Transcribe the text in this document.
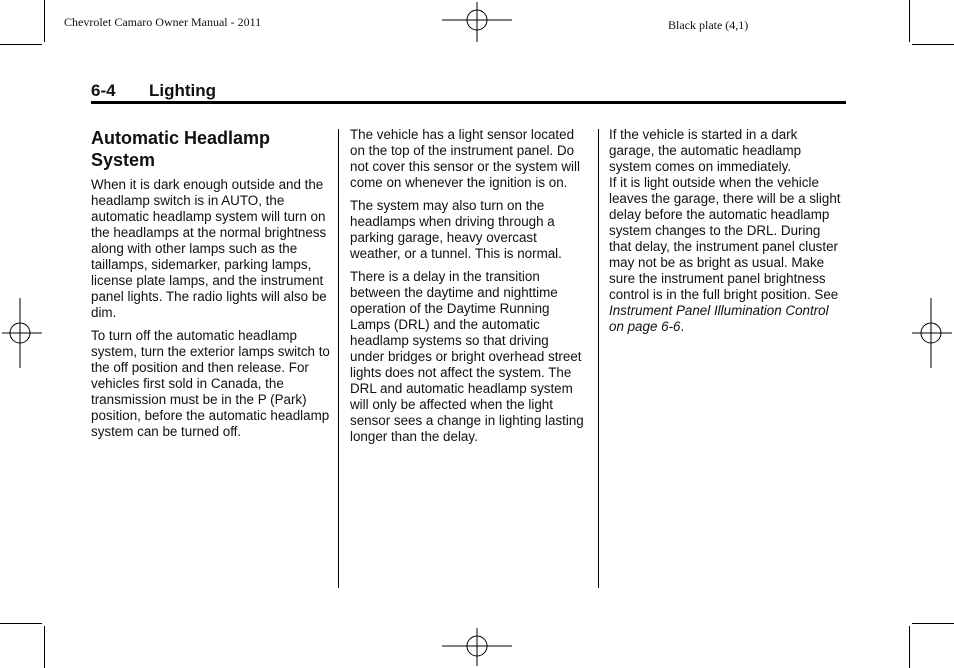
Chevrolet Camaro Owner Manual - 2011	Black plate (4,1)
6-4 Lighting
Automatic Headlamp
System

When it is dark enough outside and the headlamp switch is in AUTO, the automatic headlamp system will turn on the headlamps at the normal brightness along with other lamps such as the taillamps, sidemarker, parking lamps, license plate lamps, and the instrument panel lights. The radio lights will also be dim.

To turn off the automatic headlamp system, turn the exterior lamps switch to the off position and then release. For vehicles first sold in Canada, the transmission must be in the P (Park) position, before the automatic headlamp system can be turned off.

The vehicle has a light sensor located on the top of the instrument panel. Do not cover this sensor or the system will come on whenever the ignition is on.

The system may also turn on the headlamps when driving through a parking garage, heavy overcast weather, or a tunnel. This is normal.

There is a delay in the transition between the daytime and nighttime operation of the Daytime Running Lamps (DRL) and the automatic headlamp systems so that driving under bridges or bright overhead street lights does not affect the system. The DRL and automatic headlamp system will only be affected when the light sensor sees a change in lighting lasting longer than the delay.

If the vehicle is started in a dark garage, the automatic headlamp system comes on immediately.

If it is light outside when the vehicle leaves the garage, there will be a slight delay before the automatic headlamp system changes to the DRL. During that delay, the instrument panel cluster may not be as bright as usual. Make sure the instrument panel brightness control is in the full bright position. See Instrument Panel Illumination Control on page 6‑6.
